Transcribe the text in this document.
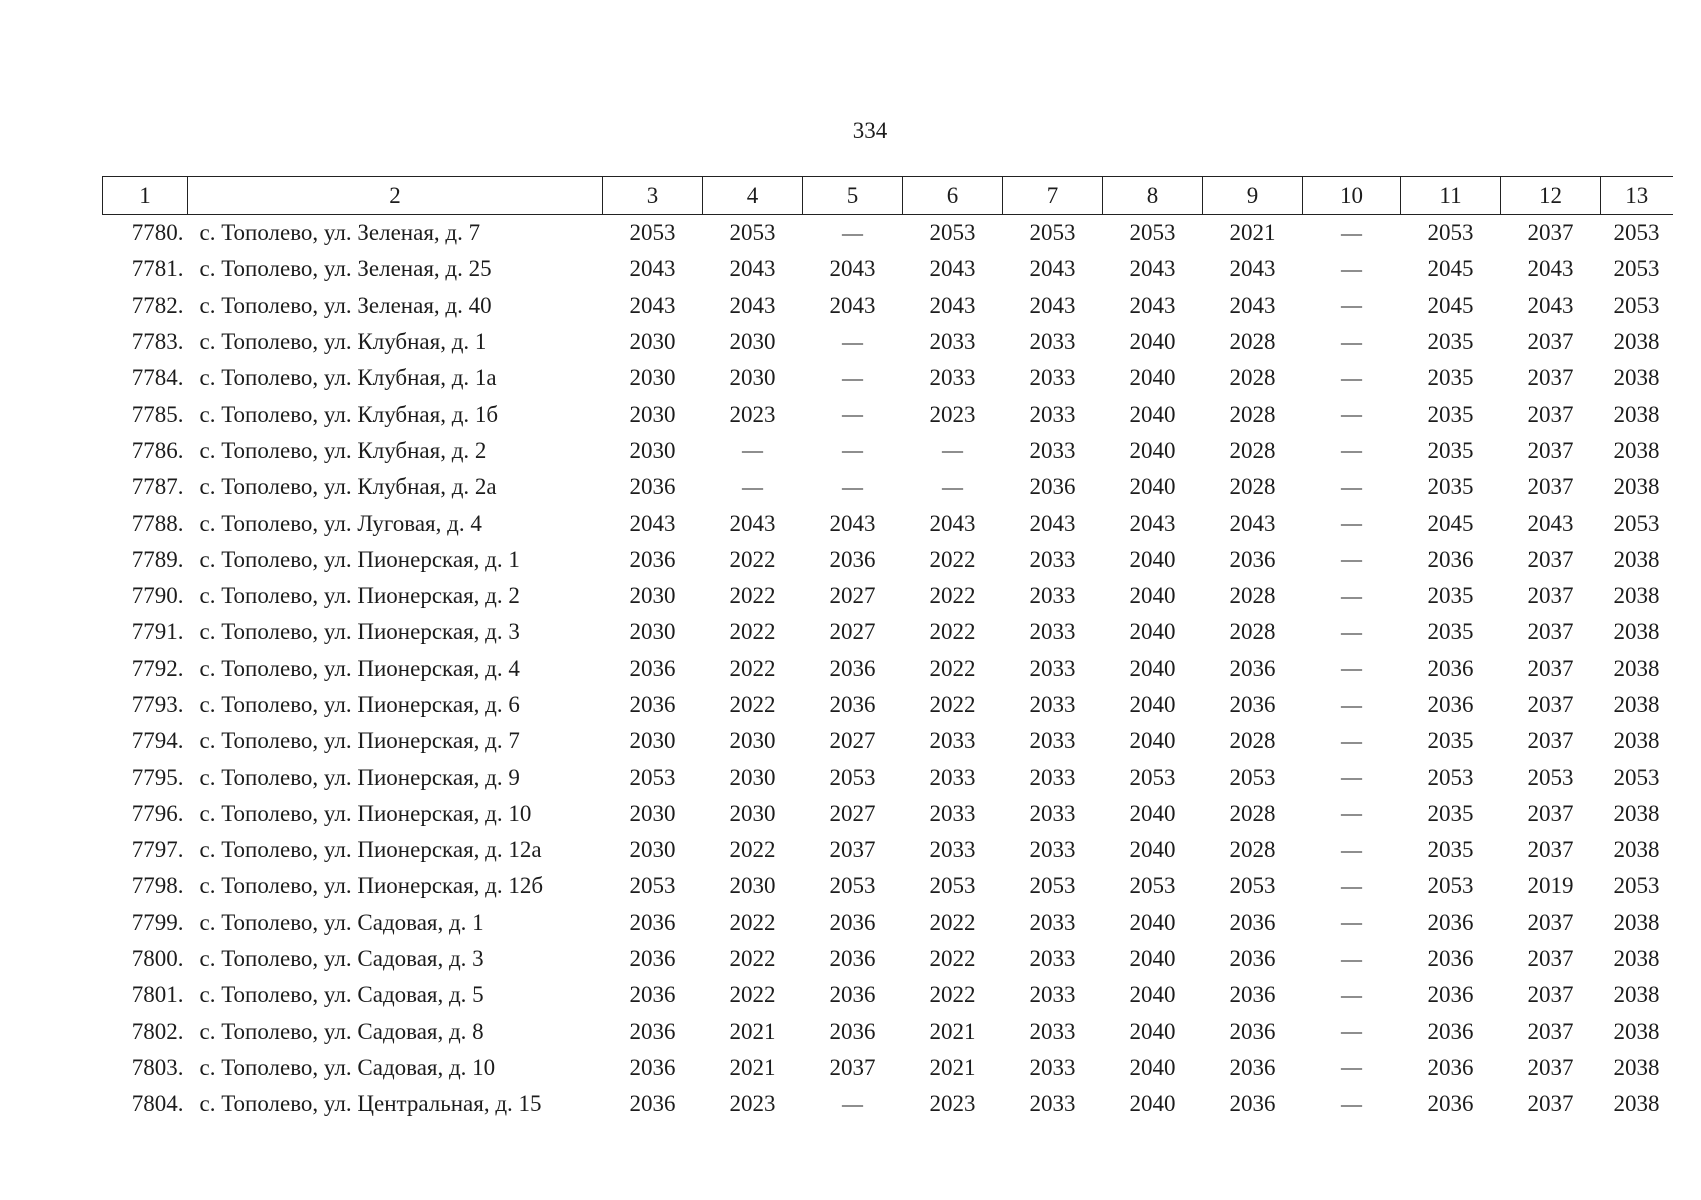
334
1	2	3	4	5	6	7	8	9	10	11	12	13
7780.	с. Тополево, ул. Зеленая, д. 7	2053	2053	—	2053	2053	2053	2021	—	2053	2037	2053
7781.	с. Тополево, ул. Зеленая, д. 25	2043	2043	2043	2043	2043	2043	2043	—	2045	2043	2053
7782.	с. Тополево, ул. Зеленая, д. 40	2043	2043	2043	2043	2043	2043	2043	—	2045	2043	2053
7783.	с. Тополево, ул. Клубная, д. 1	2030	2030	—	2033	2033	2040	2028	—	2035	2037	2038
7784.	с. Тополево, ул. Клубная, д. 1а	2030	2030	—	2033	2033	2040	2028	—	2035	2037	2038
7785.	с. Тополево, ул. Клубная, д. 1б	2030	2023	—	2023	2033	2040	2028	—	2035	2037	2038
7786.	с. Тополево, ул. Клубная, д. 2	2030	—	—	—	2033	2040	2028	—	2035	2037	2038
7787.	с. Тополево, ул. Клубная, д. 2а	2036	—	—	—	2036	2040	2028	—	2035	2037	2038
7788.	с. Тополево, ул. Луговая, д. 4	2043	2043	2043	2043	2043	2043	2043	—	2045	2043	2053
7789.	с. Тополево, ул. Пионерская, д. 1	2036	2022	2036	2022	2033	2040	2036	—	2036	2037	2038
7790.	с. Тополево, ул. Пионерская, д. 2	2030	2022	2027	2022	2033	2040	2028	—	2035	2037	2038
7791.	с. Тополево, ул. Пионерская, д. 3	2030	2022	2027	2022	2033	2040	2028	—	2035	2037	2038
7792.	с. Тополево, ул. Пионерская, д. 4	2036	2022	2036	2022	2033	2040	2036	—	2036	2037	2038
7793.	с. Тополево, ул. Пионерская, д. 6	2036	2022	2036	2022	2033	2040	2036	—	2036	2037	2038
7794.	с. Тополево, ул. Пионерская, д. 7	2030	2030	2027	2033	2033	2040	2028	—	2035	2037	2038
7795.	с. Тополево, ул. Пионерская, д. 9	2053	2030	2053	2033	2033	2053	2053	—	2053	2053	2053
7796.	с. Тополево, ул. Пионерская, д. 10	2030	2030	2027	2033	2033	2040	2028	—	2035	2037	2038
7797.	с. Тополево, ул. Пионерская, д. 12а	2030	2022	2037	2033	2033	2040	2028	—	2035	2037	2038
7798.	с. Тополево, ул. Пионерская, д. 12б	2053	2030	2053	2053	2053	2053	2053	—	2053	2019	2053
7799.	с. Тополево, ул. Садовая, д. 1	2036	2022	2036	2022	2033	2040	2036	—	2036	2037	2038
7800.	с. Тополево, ул. Садовая, д. 3	2036	2022	2036	2022	2033	2040	2036	—	2036	2037	2038
7801.	с. Тополево, ул. Садовая, д. 5	2036	2022	2036	2022	2033	2040	2036	—	2036	2037	2038
7802.	с. Тополево, ул. Садовая, д. 8	2036	2021	2036	2021	2033	2040	2036	—	2036	2037	2038
7803.	с. Тополево, ул. Садовая, д. 10	2036	2021	2037	2021	2033	2040	2036	—	2036	2037	2038
7804.	с. Тополево, ул. Центральная, д. 15	2036	2023	—	2023	2033	2040	2036	—	2036	2037	2038
